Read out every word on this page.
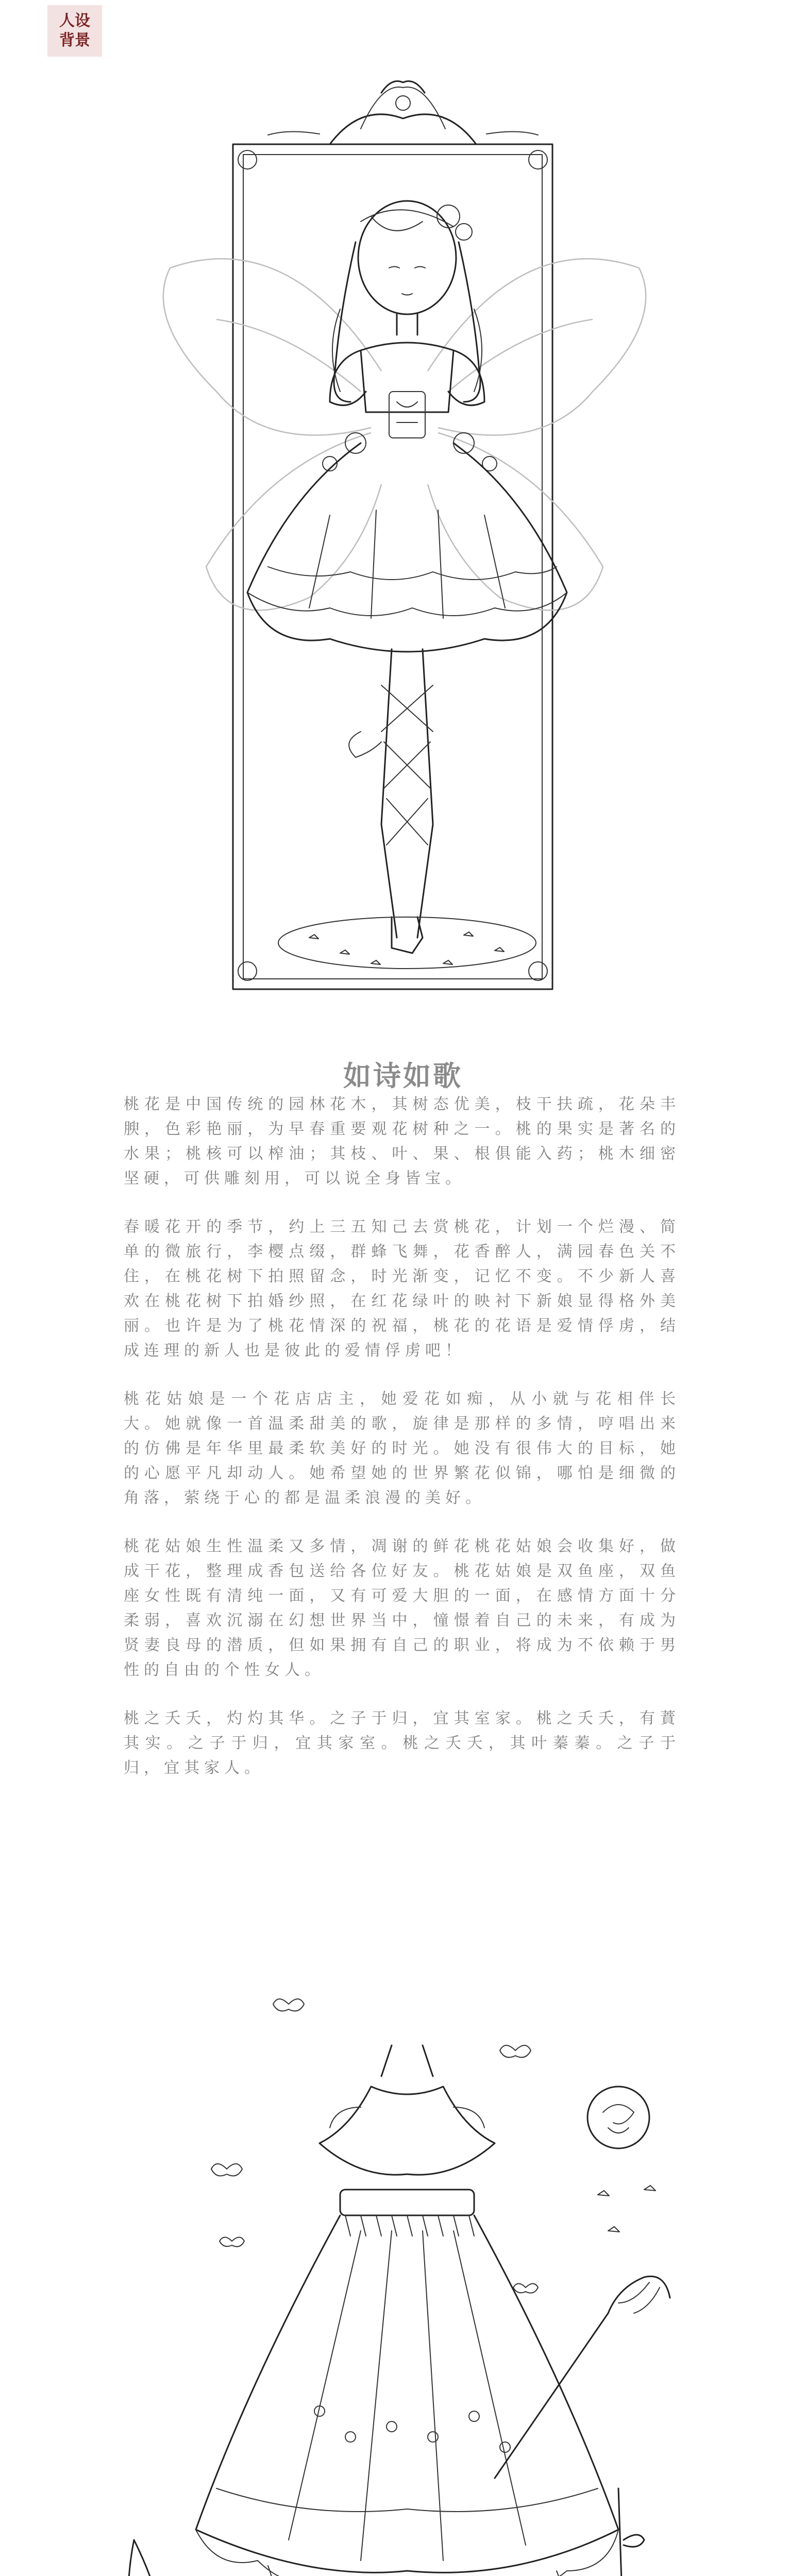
人设
背景
如诗如歌

桃花是中国传统的园林花木，其树态优美，枝干扶疏，花朵丰腴，色彩艳丽，为早春重要观花树种之一。桃的果实是著名的水果；桃核可以榨油；其枝、叶、果、根俱能入药；桃木细密坚硬，可供雕刻用，可以说全身皆宝。

春暖花开的季节，约上三五知己去赏桃花，计划一个烂漫、简单的微旅行，李樱点缀，群蜂飞舞，花香醉人，满园春色关不住，在桃花树下拍照留念，时光渐变，记忆不变。不少新人喜欢在桃花树下拍婚纱照，在红花绿叶的映衬下新娘显得格外美丽。也许是为了桃花情深的祝福，桃花的花语是爱情俘虏，结成连理的新人也是彼此的爱情俘虏吧！

桃花姑娘是一个花店店主，她爱花如痴，从小就与花相伴长大。她就像一首温柔甜美的歌，旋律是那样的多情，哼唱出来的仿佛是年华里最柔软美好的时光。她没有很伟大的目标，她的心愿平凡却动人。她希望她的世界繁花似锦，哪怕是细微的角落，萦绕于心的都是温柔浪漫的美好。

桃花姑娘生性温柔又多情，凋谢的鲜花桃花姑娘会收集好，做成干花，整理成香包送给各位好友。桃花姑娘是双鱼座，双鱼座女性既有清纯一面，又有可爱大胆的一面，在感情方面十分柔弱，喜欢沉溺在幻想世界当中，憧憬着自己的未来，有成为贤妻良母的潜质，但如果拥有自己的职业，将成为不依赖于男性的自由的个性女人。

桃之夭夭，灼灼其华。之子于归，宜其室家。桃之夭夭，有蕡其实。之子于归，宜其家室。桃之夭夭，其叶蓁蓁。之子于归，宜其家人。
